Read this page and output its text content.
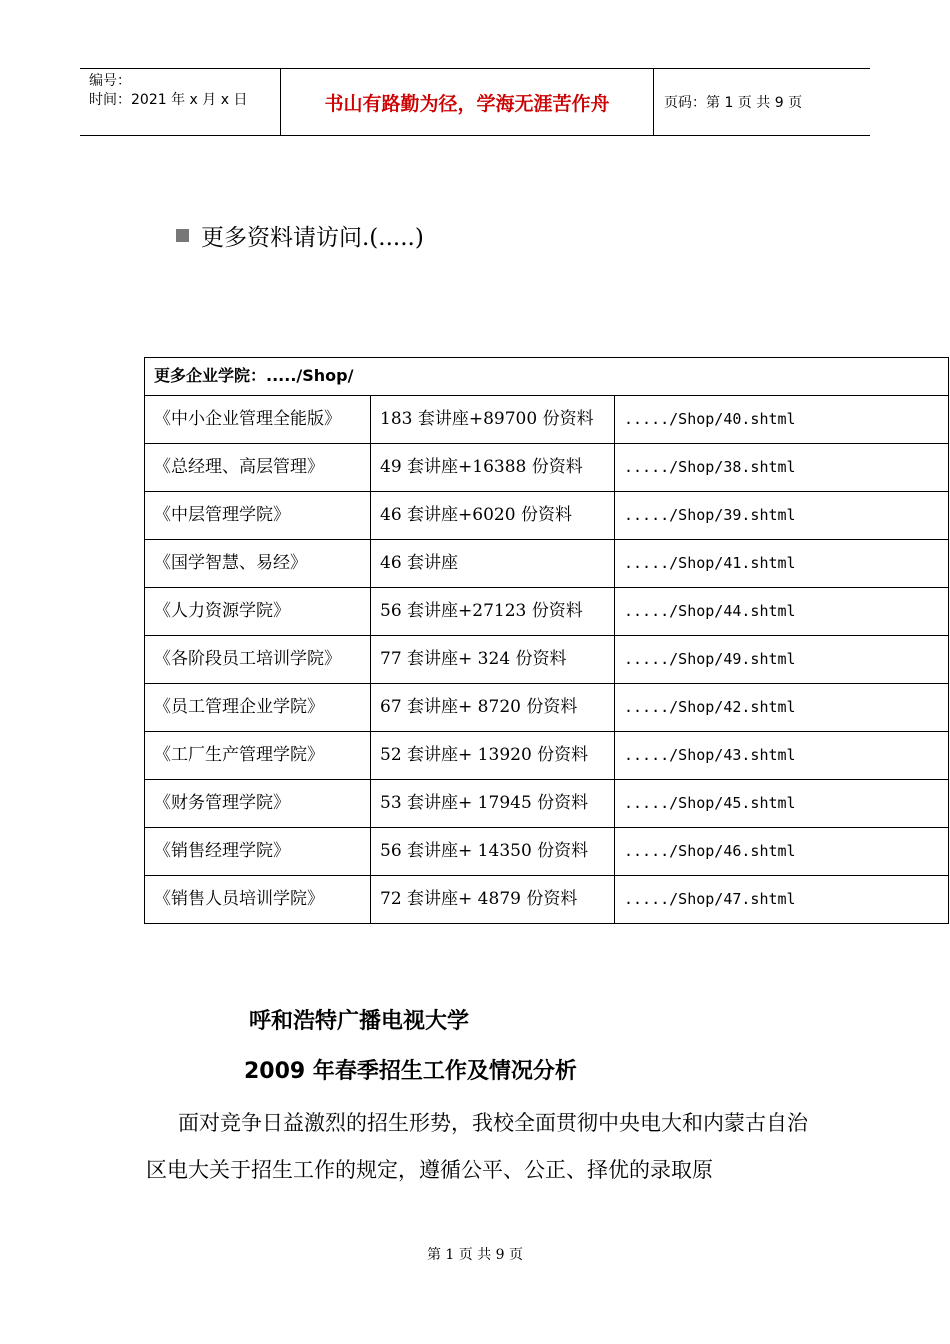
编号：
时间：2021 年 x 月 x 日	书山有路勤为径，学海无涯苦作舟	页码：第 1 页 共 9 页
更多资料请访问.(.....)
更多企业学院：...../Shop/		
《中小企业管理全能版》	183 套讲座+89700 份资料	...../Shop/40.shtml
《总经理、高层管理》	49 套讲座+16388 份资料	...../Shop/38.shtml
《中层管理学院》	46 套讲座+6020 份资料	...../Shop/39.shtml
《国学智慧、易经》	46 套讲座	...../Shop/41.shtml
《人力资源学院》	56 套讲座+27123 份资料	...../Shop/44.shtml
《各阶段员工培训学院》	77 套讲座+ 324 份资料	...../Shop/49.shtml
《员工管理企业学院》	67 套讲座+ 8720 份资料	...../Shop/42.shtml
《工厂生产管理学院》	52 套讲座+ 13920 份资料	...../Shop/43.shtml
《财务管理学院》	53 套讲座+ 17945 份资料	...../Shop/45.shtml
《销售经理学院》	56 套讲座+ 14350 份资料	...../Shop/46.shtml
《销售人员培训学院》	72 套讲座+ 4879 份资料	...../Shop/47.shtml
呼和浩特广播电视大学
2009 年春季招生工作及情况分析
面对竞争日益激烈的招生形势，我校全面贯彻中央电大和内蒙古自治区电大关于招生工作的规定，遵循公平、公正、择优的录取原
第 1 页 共 9 页
